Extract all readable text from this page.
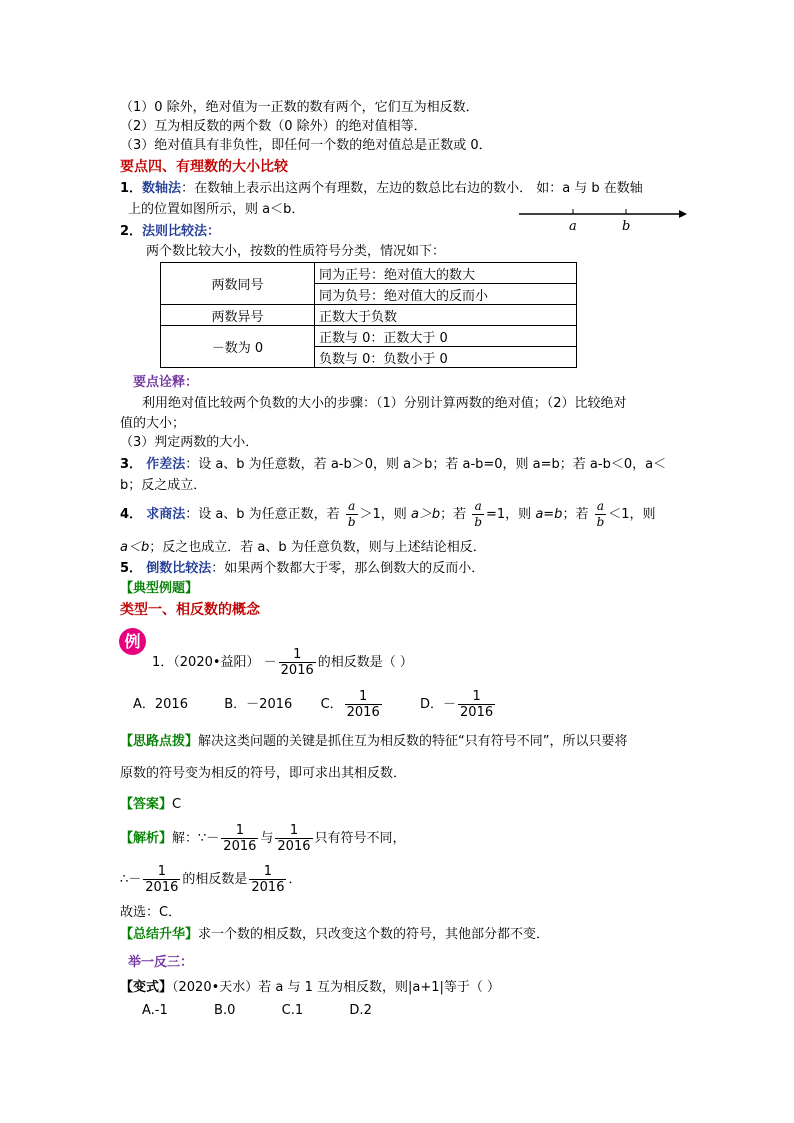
（1）0 除外，绝对值为一正数的数有两个，它们互为相反数．
（2）互为相反数的两个数（0 除外）的绝对值相等．
（3）绝对值具有非负性，即任何一个数的绝对值总是正数或 0．
要点四、有理数的大小比较
1．数轴法：在数轴上表示出这两个有理数，左边的数总比右边的数小． 如：a 与 b 在数轴
上的位置如图所示，则 a＜b．
a	b
2．法则比较法：
两个数比较大小，按数的性质符号分类，情况如下：
两数同号	同为正号：绝对值大的数大
	同为负号：绝对值大的反而小
两数异号	正数大于负数
－数为 0	正数与 0：正数大于 0
	负数与 0：负数小于 0
要点诠释：
利用绝对值比较两个负数的大小的步骤：（1）分别计算两数的绝对值；（2）比较绝对
值的大小；
（3）判定两数的大小．
3． 作差法：设 a、b 为任意数，若 a-b＞0，则 a＞b；若 a-b=0，则 a=b；若 a-b＜0，a＜
b；反之成立．
4． 求商法：设 a、b 为任意正数，若 $\frac{a}{b} >1$，则 a＞b；若 $\frac{a}{b} =1$，则 a=b；若 $\frac{a}{b} <1$，则
a＜b；反之也成立．若 a、b 为任意负数，则与上述结论相反．
5． 倒数比较法：如果两个数都大于零，那么倒数大的反而小．
【典型例题】
类型一、相反数的概念
例
1．（2020•益阳） － $\frac{1}{2016}$ 的相反数是（ ）
A．2016	B．－2016 C． $\frac{1}{2016}$	D．－ $\frac{1}{2016}$
【思路点拨】解决这类问题的关键是抓住互为相反数的特征“只有符号不同”，所以只要将
原数的符号变为相反的符号，即可求出其相反数．
【答案】C
【解析】解：∵－ $\frac{1}{2016}$ 与 $\frac{1}{2016}$ 只有符号不同，
∴－ $\frac{1}{2016}$ 的相反数是 $\frac{1}{2016}$ ．
故选：C．
【总结升华】求一个数的相反数，只改变这个数的符号，其他部分都不变．
举一反三：
【变式】（2020•天水）若 a 与 1 互为相反数，则|a+1|等于（ ）
A.-1	B.0	C.1	D.2
